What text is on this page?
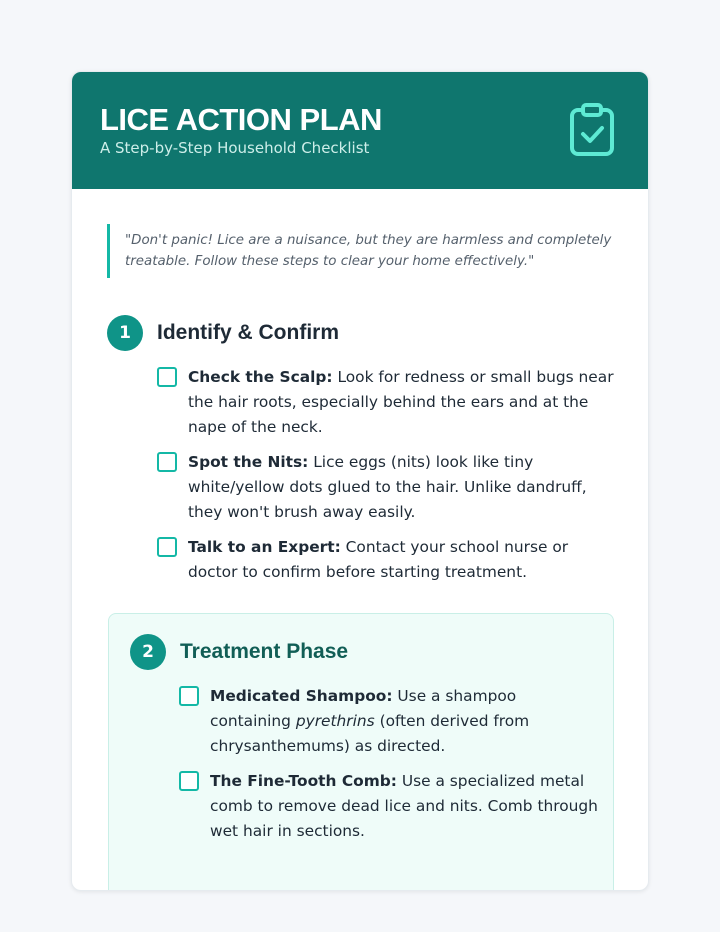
LICE ACTION PLAN
A Step-by-Step Household Checklist
"Don't panic! Lice are a nuisance, but they are harmless and completely treatable. Follow these steps to clear your home effectively."
1	Identify & Confirm
Check the Scalp: Look for redness or small bugs near the hair roots, especially behind the ears and at the nape of the neck.
Spot the Nits: Lice eggs (nits) look like tiny white/yellow dots glued to the hair. Unlike dandruff, they won't brush away easily.
Talk to an Expert: Contact your school nurse or doctor to confirm before starting treatment.
2	Treatment Phase
Medicated Shampoo: Use a shampoo containing pyrethrins (often derived from chrysanthemums) as directed.
The Fine-Tooth Comb: Use a specialized metal comb to remove dead lice and nits. Comb through wet hair in sections.
